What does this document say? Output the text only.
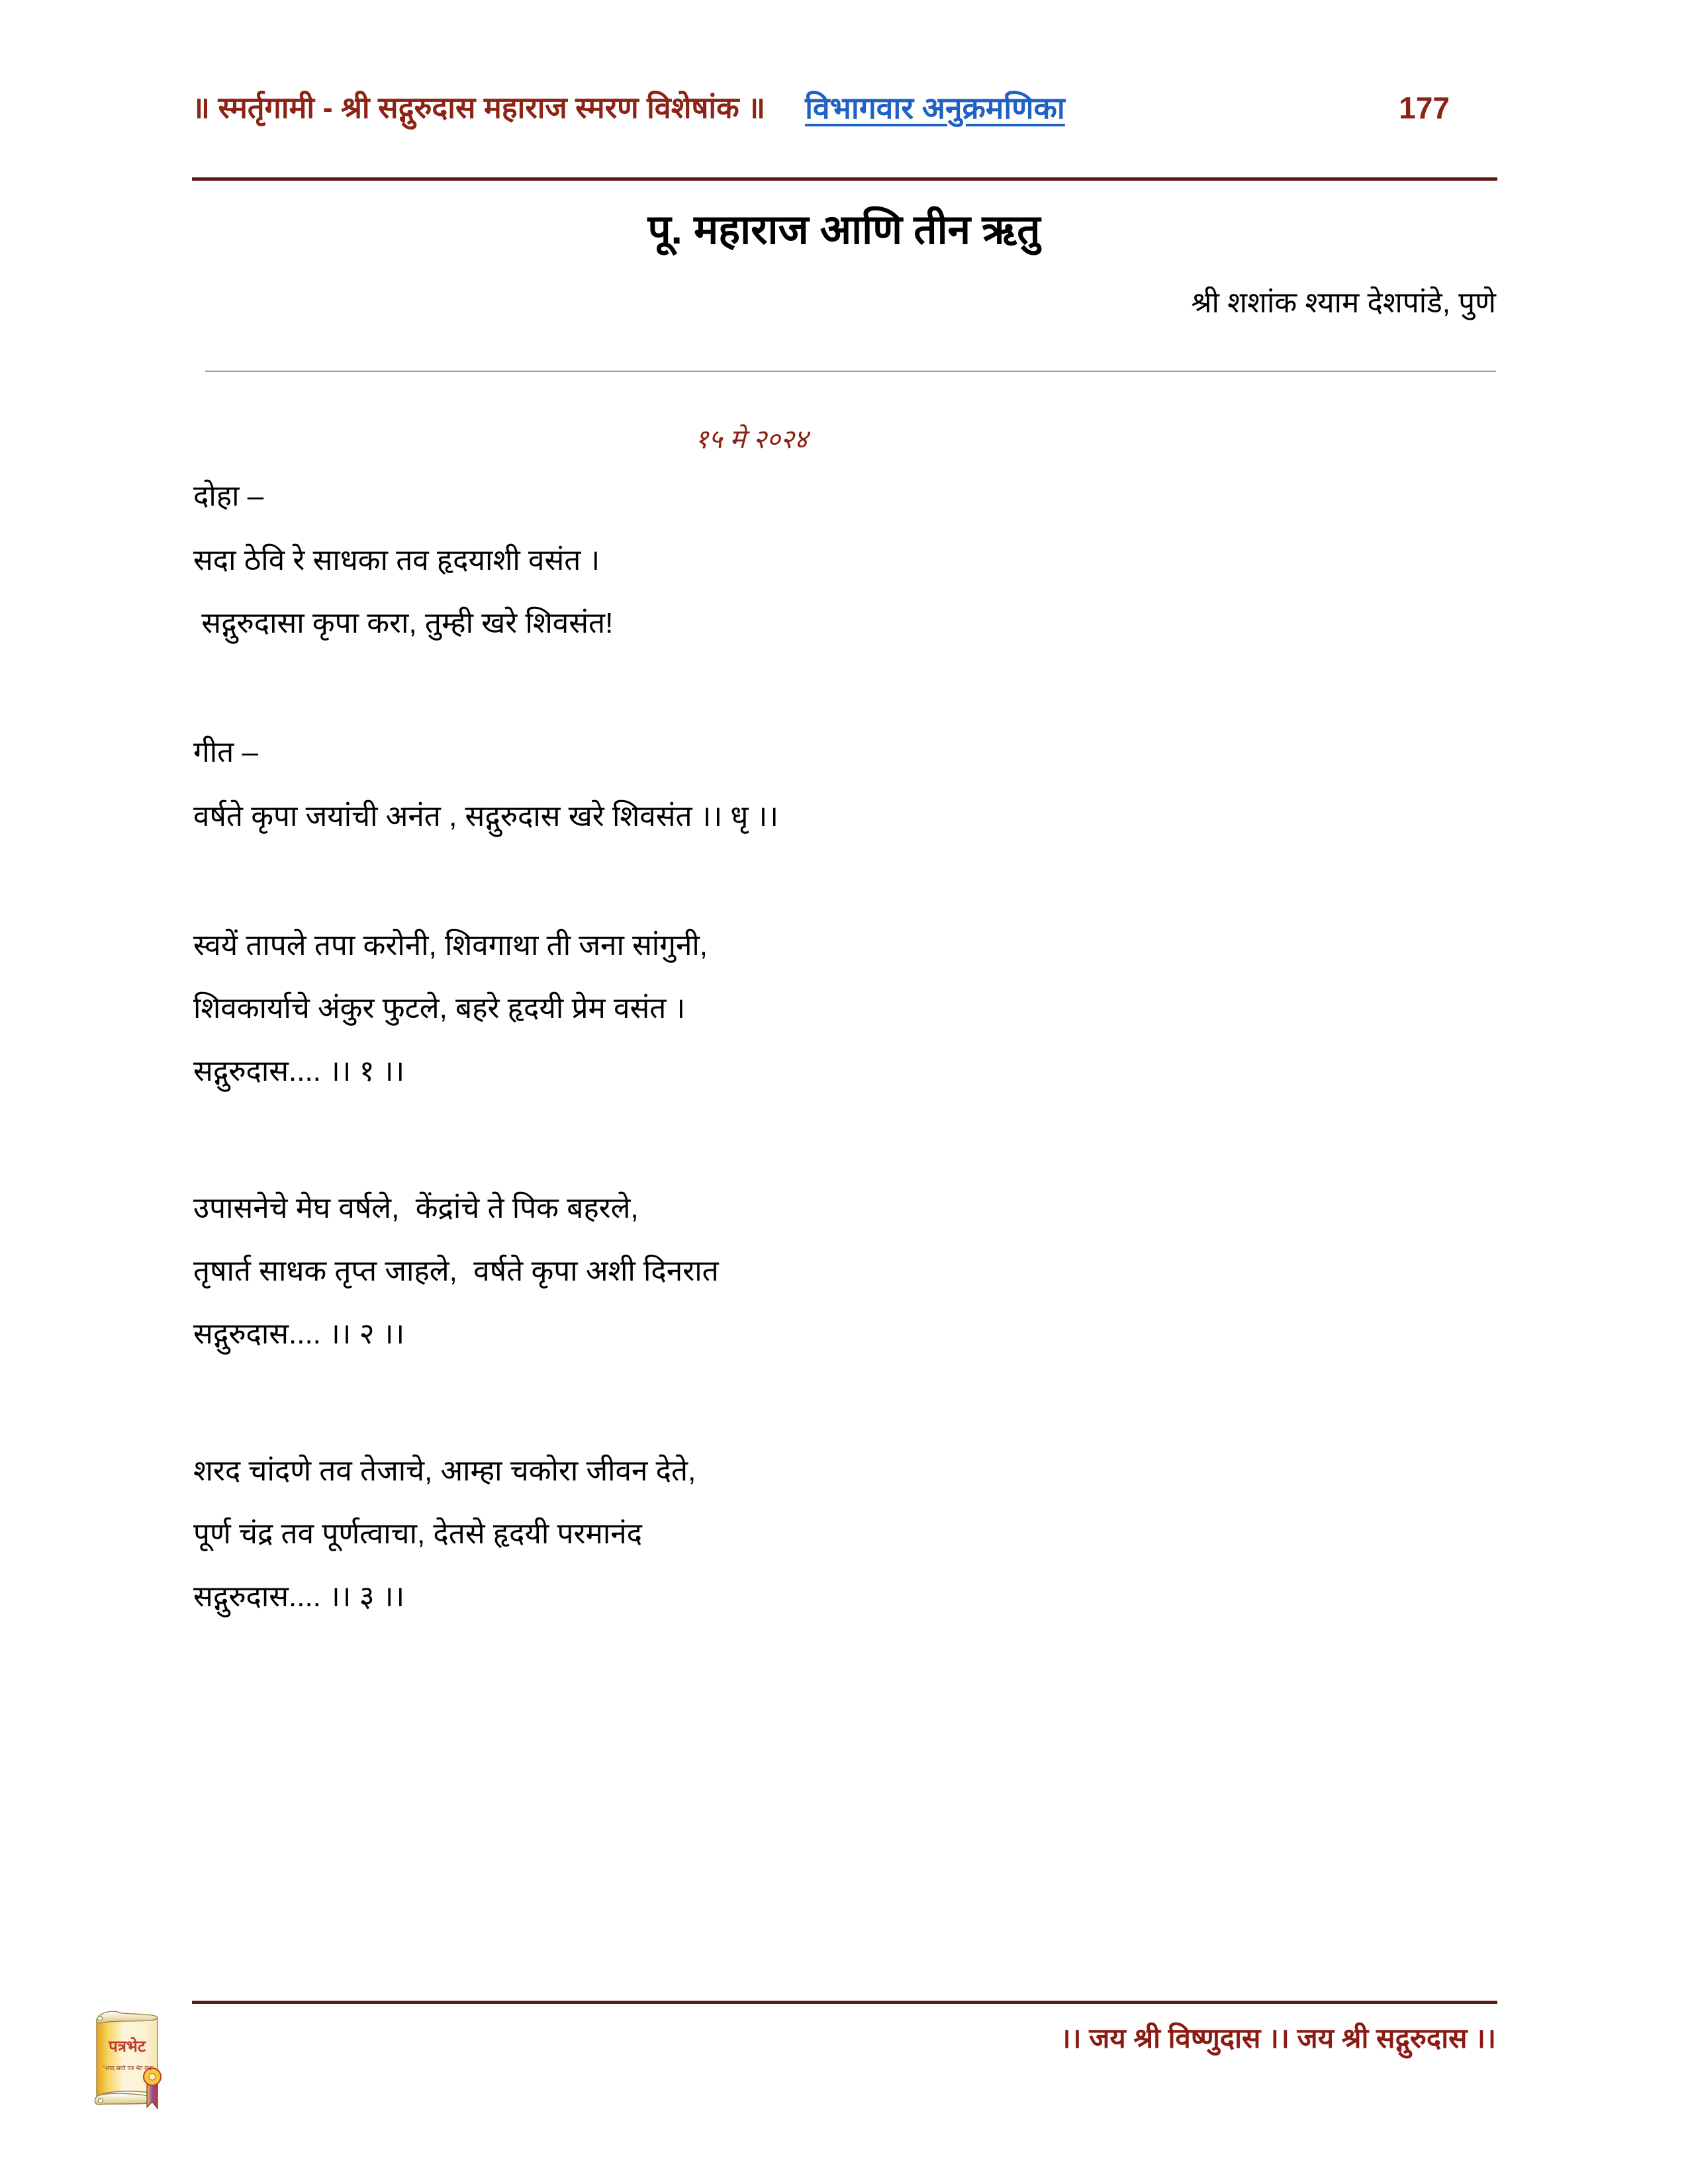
॥ स्मर्तृगामी - श्री सद्गुरुदास महाराज स्मरण विशेषांक ॥ विभागवार अनुक्रमणिका	177
पू. महाराज आणि तीन ऋतु
श्री शशांक श्याम देशपांडे, पुणे
१५ मे २०२४
दोहा –
सदा ठेवि रे साधका तव हृदयाशी वसंत ।
सद्गुरुदासा कृपा करा, तुम्ही खरे शिवसंत!
गीत –
वर्षते कृपा जयांची अनंत , सद्गुरुदास खरे शिवसंत ।। धृ ।।
स्वयें तापले तपा करोनी, शिवगाथा ती जना सांगुनी,
शिवकार्याचे अंकुर फुटले, बहरे हृदयी प्रेम वसंत ।
सद्गुरुदास.... ।। १ ।।
उपासनेचे मेघ वर्षले,  केंद्रांचे ते पिक बहरले,
तृषार्त साधक तृप्त जाहले,  वर्षते कृपा अशी दिनरात
सद्गुरुदास.... ।। २ ।।
शरद चांदणे तव तेजाचे, आम्हा चकोरा जीवन देते,
पूर्ण चंद्र तव पूर्णत्वाचा, देतसे हृदयी परमानंद
सद्गुरुदास.... ।। ३ ।।
।। जय श्री विष्णुदास ।। जय श्री सद्गुरुदास ।।
पत्रभेट
"शब्द साचे पत्र भेट गंध"
